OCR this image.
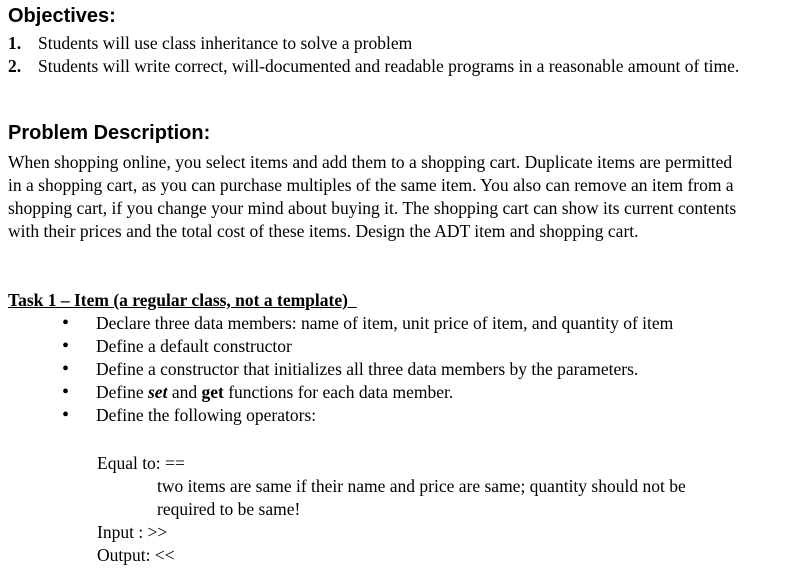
Objectives:
1. Students will use class inheritance to solve a problem
2. Students will write correct, will-documented and readable programs in a reasonable amount of time.
Problem Description:

When shopping online, you select items and add them to a shopping cart. Duplicate items are permitted in a shopping cart, as you can purchase multiples of the same item. You also can remove an item from a shopping cart, if you change your mind about buying it. The shopping cart can show its current contents with their prices and the total cost of these items. Design the ADT item and shopping cart.

Task 1 – Item (a regular class, not a template)

•	Declare three data members: name of item, unit price of item, and quantity of item
•	Define a default constructor
•	Define a constructor that initializes all three data members by the parameters.
•	Define set and get functions for each data member.
•	Define the following operators:

Equal to: ==

two items are same if their name and price are same; quantity should not be required to be same!

Input : >>

Output: <<
